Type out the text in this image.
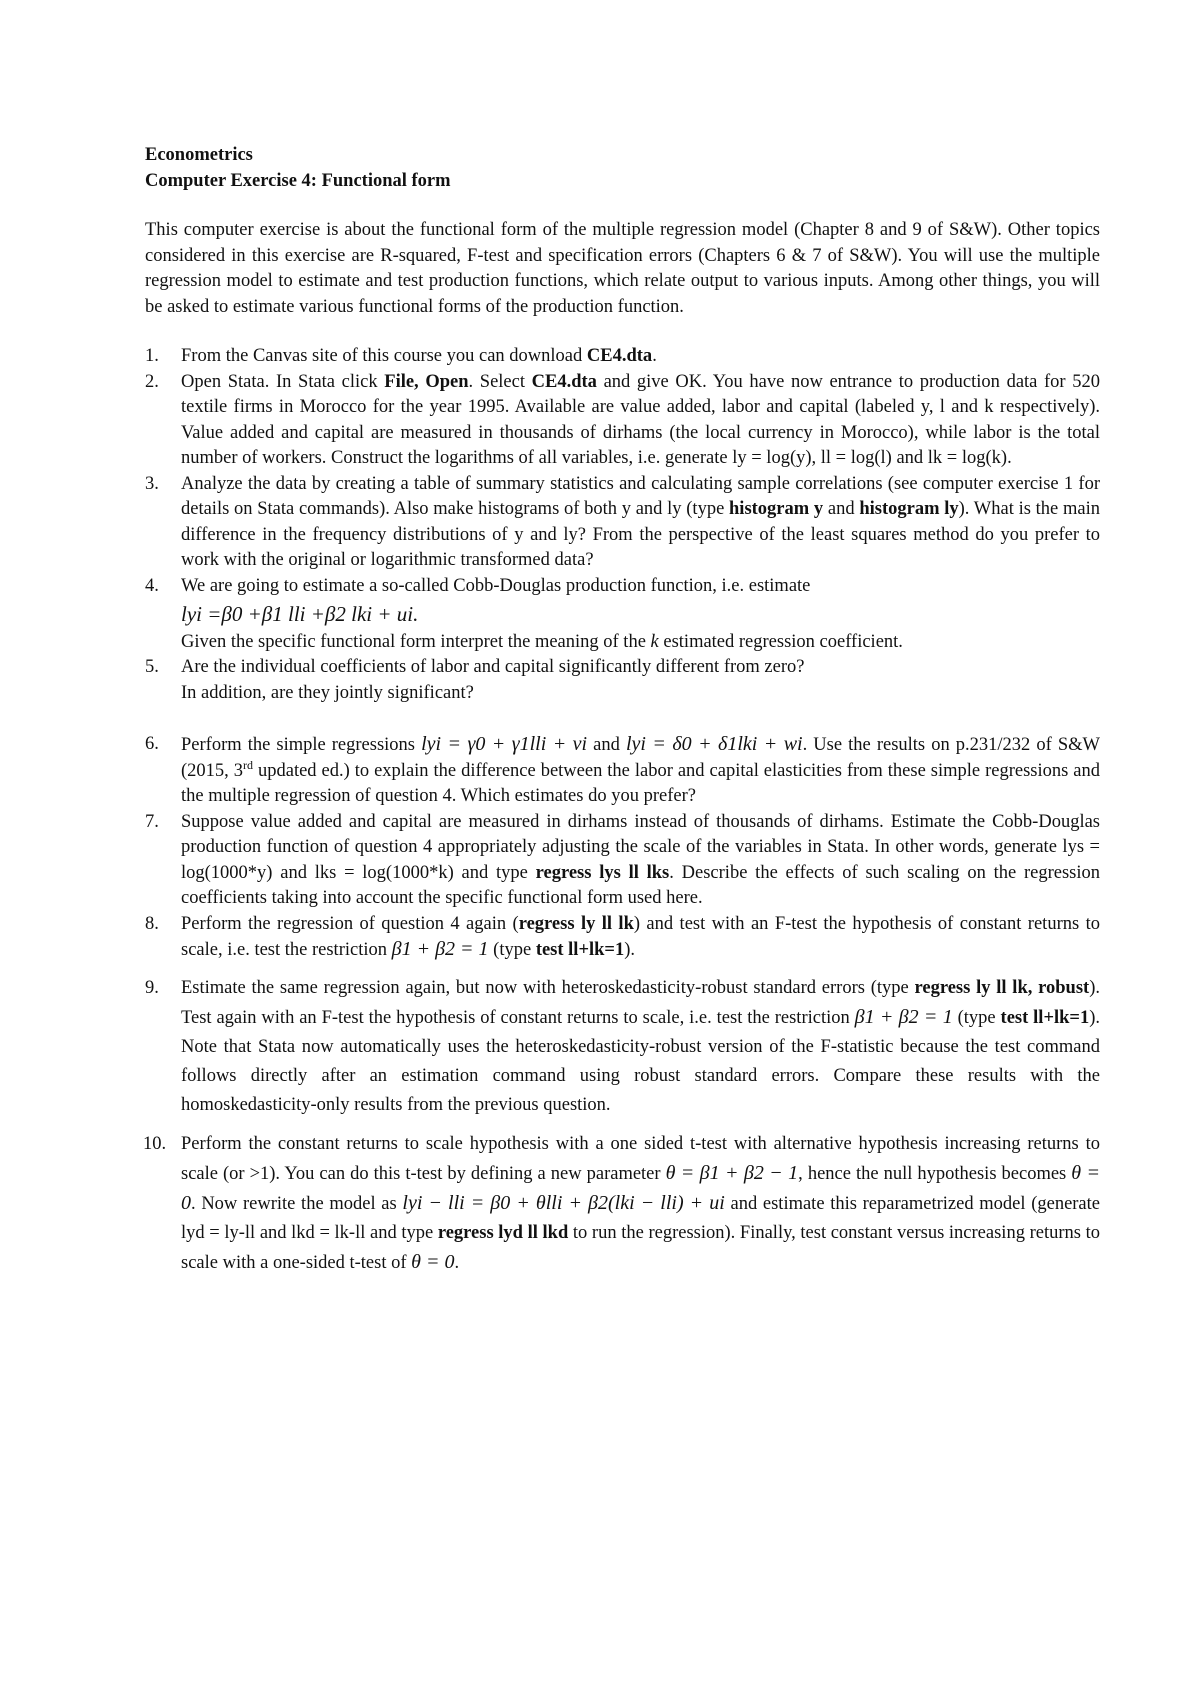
Econometrics

Computer Exercise 4: Functional form

This computer exercise is about the functional form of the multiple regression model (Chapter 8 and 9 of S&W). Other topics considered in this exercise are R-squared, F-test and specification errors (Chapters 6 & 7 of S&W). You will use the multiple regression model to estimate and test production functions, which relate output to various inputs. Among other things, you will be asked to estimate various functional forms of the production function.

1. From the Canvas site of this course you can download CE4.dta.
2. Open Stata. In Stata click File, Open. Select CE4.dta and give OK. You have now entrance to production data for 520 textile firms in Morocco for the year 1995. Available are value added, labor and capital (labeled y, l and k respectively). Value added and capital are measured in thousands of dirhams (the local currency in Morocco), while labor is the total number of workers. Construct the logarithms of all variables, i.e. generate ly = log(y), ll = log(l) and lk = log(k).
3. Analyze the data by creating a table of summary statistics and calculating sample correlations (see computer exercise 1 for details on Stata commands). Also make histograms of both y and ly (type histogram y and histogram ly). What is the main difference in the frequency distributions of y and ly? From the perspective of the least squares method do you prefer to work with the original or logarithmic transformed data?
4. We are going to estimate a so-called Cobb-Douglas production function, i.e. estimate
lyi =β0 +β1 lli +β2 lki + ui.
Given the specific functional form interpret the meaning of the k estimated regression coefficient.
5. Are the individual coefficients of labor and capital significantly different from zero?
In addition, are they jointly significant?
6. Perform the simple regressions lyi = γ0 + γ1lli + vi and lyi = δ0 + δ1lki + wi. Use the results on p.231/232 of S&W (2015, 3rd updated ed.) to explain the difference between the labor and capital elasticities from these simple regressions and the multiple regression of question 4. Which estimates do you prefer?
7. Suppose value added and capital are measured in dirhams instead of thousands of dirhams. Estimate the Cobb-Douglas production function of question 4 appropriately adjusting the scale of the variables in Stata. In other words, generate lys = log(1000*y) and lks = log(1000*k) and type regress lys ll lks. Describe the effects of such scaling on the regression coefficients taking into account the specific functional form used here.
8. Perform the regression of question 4 again (regress ly ll lk) and test with an F-test the hypothesis of constant returns to scale, i.e. test the restriction β1 + β2 = 1 (type test ll+lk=1).
9. Estimate the same regression again, but now with heteroskedasticity-robust standard errors (type regress ly ll lk, robust). Test again with an F-test the hypothesis of constant returns to scale, i.e. test the restriction β1 + β2 = 1 (type test ll+lk=1). Note that Stata now automatically uses the heteroskedasticity-robust version of the F-statistic because the test command follows directly after an estimation command using robust standard errors. Compare these results with the homoskedasticity-only results from the previous question.
10. Perform the constant returns to scale hypothesis with a one sided t-test with alternative hypothesis increasing returns to scale (or >1). You can do this t-test by defining a new parameter θ = β1 + β2 − 1, hence the null hypothesis becomes θ = 0. Now rewrite the model as lyi − lli = β0 + θlli + β2(lki − lli) + ui and estimate this reparametrized model (generate lyd = ly-ll and lkd = lk-ll and type regress lyd ll lkd to run the regression). Finally, test constant versus increasing returns to scale with a one-sided t-test of θ = 0.
